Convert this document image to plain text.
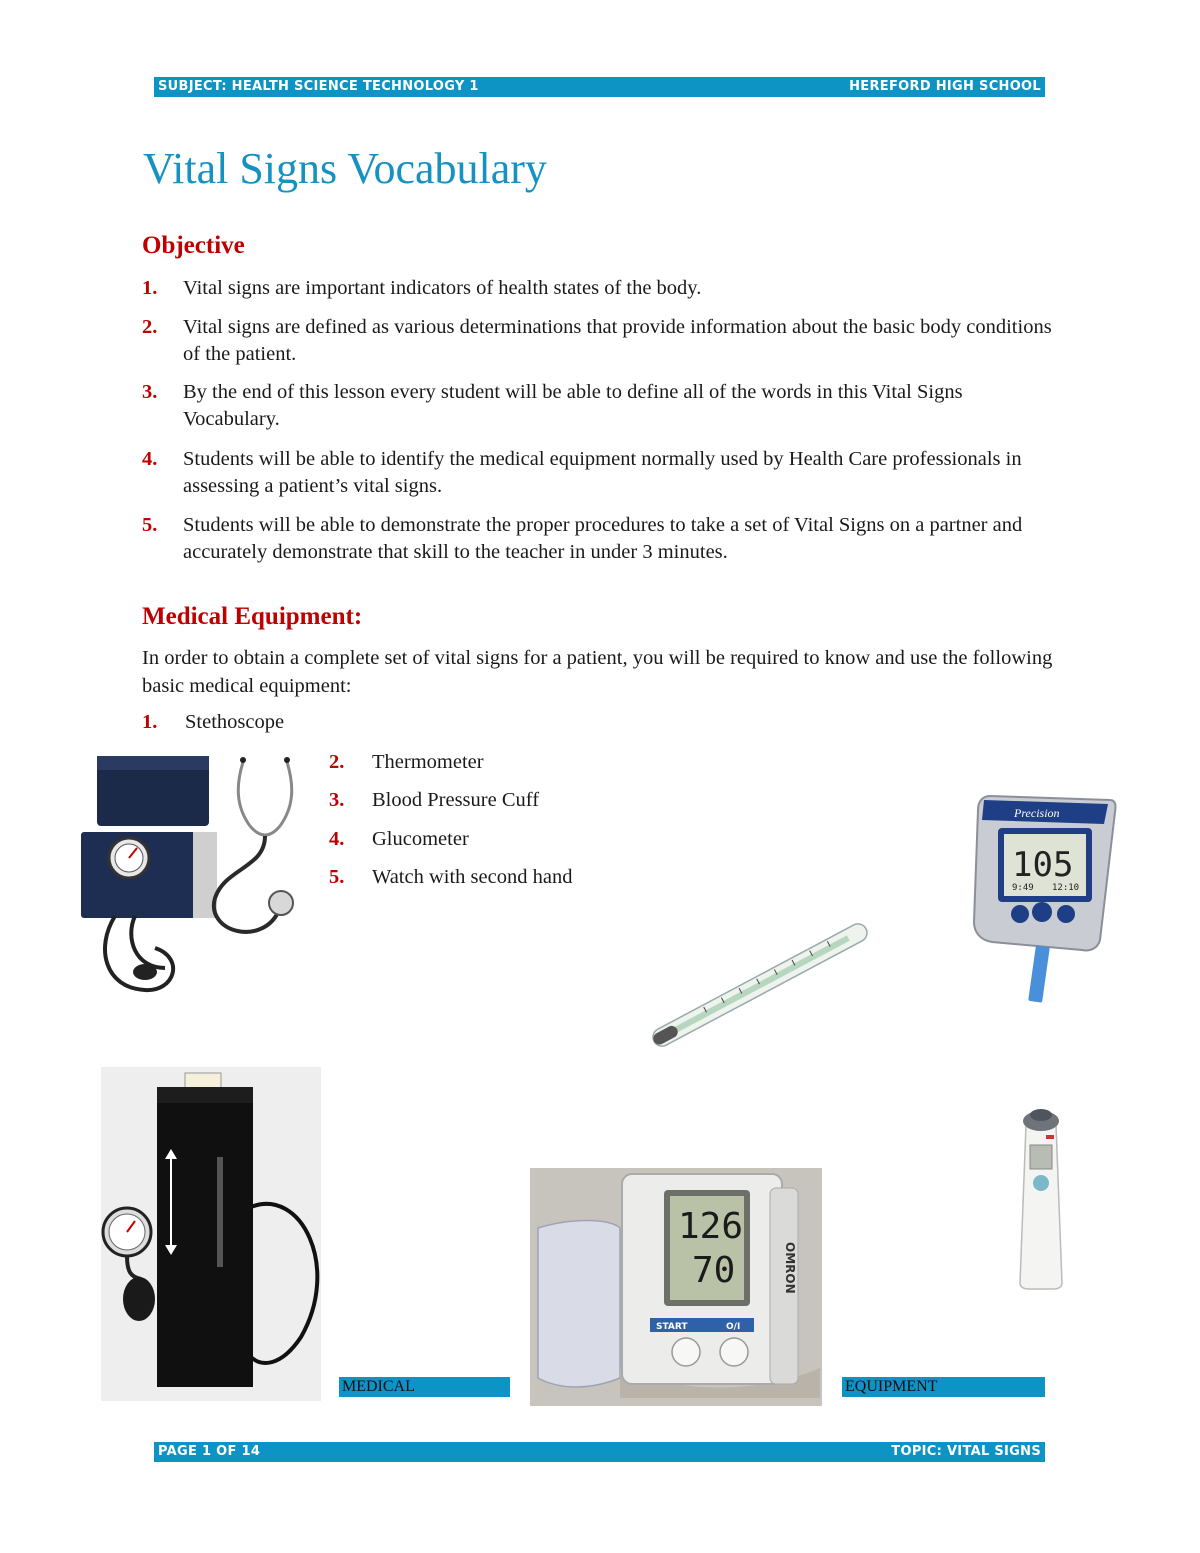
SUBJECT: HEALTH SCIENCE TECHNOLOGY 1	HEREFORD HIGH SCHOOL
Vital Signs Vocabulary
Objective
1. Vital signs are important indicators of health states of the body.
2. Vital signs are defined as various determinations that provide information about the basic body conditions of the patient.
3. By the end of this lesson every student will be able to define all of the words in this Vital Signs Vocabulary.
4. Students will be able to identify the medical equipment normally used by Health Care professionals in assessing a patient’s vital signs.
5. Students will be able to demonstrate the proper procedures to take a set of Vital Signs on a partner and accurately demonstrate that skill to the teacher in under 3 minutes.
Medical Equipment:

In order to obtain a complete set of vital signs for a patient, you will be required to know and use the following basic medical equipment:

1. Stethoscope
2. Thermometer
3. Blood Pressure Cuff
4. Glucometer
5. Watch with second hand
Precision
105
9:49 12:10
126
70
START	O/I
OMRON
MEDICAL	EQUIPMENT
PAGE 1 OF 14	TOPIC: VITAL SIGNS
